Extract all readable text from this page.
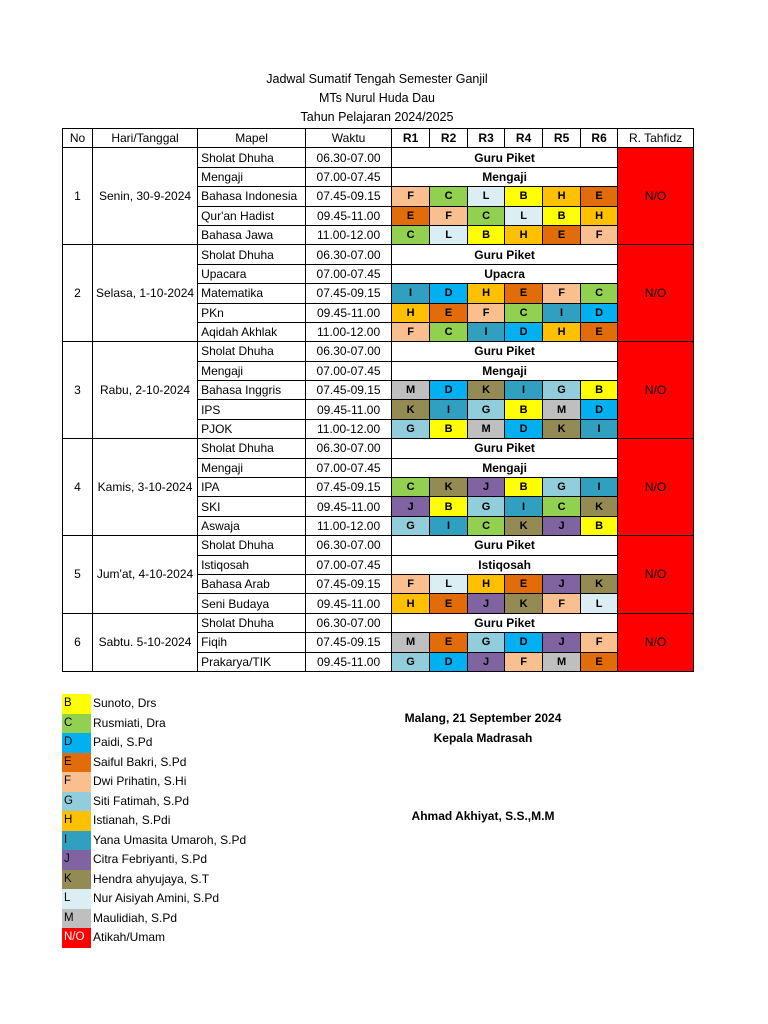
Jadwal Sumatif Tengah Semester Ganjil
MTs Nurul Huda Dau
Tahun Pelajaran 2024/2025
No	Hari/Tanggal	Mapel	Waktu	R1	R2	R3	R4	R5	R6	R. Tahfidz
1	Senin, 30-9-2024	Sholat Dhuha	06.30-07.00	Guru Piket						N/O
		Mengaji	07.00-07.45	Mengaji						
		Bahasa Indonesia	07.45-09.15	F	C	L	B	H	E	
		Qur'an Hadist	09.45-11.00	E	F	C	L	B	H	
		Bahasa Jawa	11.00-12.00	C	L	B	H	E	F	
2	Selasa, 1-10-2024	Sholat Dhuha	06.30-07.00	Guru Piket						N/O
		Upacara	07.00-07.45	Upacra						
		Matematika	07.45-09.15	I	D	H	E	F	C	
		PKn	09.45-11.00	H	E	F	C	I	D	
		Aqidah Akhlak	11.00-12.00	F	C	I	D	H	E	
3	Rabu, 2-10-2024	Sholat Dhuha	06.30-07.00	Guru Piket						N/O
		Mengaji	07.00-07.45	Mengaji						
		Bahasa Inggris	07.45-09.15	M	D	K	I	G	B	
		IPS	09.45-11.00	K	I	G	B	M	D	
		PJOK	11.00-12.00	G	B	M	D	K	I	
4	Kamis, 3-10-2024	Sholat Dhuha	06.30-07.00	Guru Piket						N/O
		Mengaji	07.00-07.45	Mengaji						
		IPA	07.45-09.15	C	K	J	B	G	I	
		SKI	09.45-11.00	J	B	G	I	C	K	
		Aswaja	11.00-12.00	G	I	C	K	J	B	
5	Jum'at, 4-10-2024	Sholat Dhuha	06.30-07.00	Guru Piket						N/O
		Istiqosah	07.00-07.45	Istiqosah						
		Bahasa Arab	07.45-09.15	F	L	H	E	J	K	
		Seni Budaya	09.45-11.00	H	E	J	K	F	L	
6	Sabtu. 5-10-2024	Sholat Dhuha	06.30-07.00	Guru Piket						N/O
		Fiqih	07.45-09.15	M	E	G	D	J	F	
		Prakarya/TIK	09.45-11.00	G	D	J	F	M	E	
B	Sunoto, Drs
C	Rusmiati, Dra
D	Paidi, S.Pd
E	Saiful Bakri, S.Pd
F	Dwi Prihatin, S.Hi
G	Siti Fatimah, S.Pd
H	Istianah, S.Pdi
I	Yana Umasita Umaroh, S.Pd
J	Citra Febriyanti, S.Pd
K	Hendra ahyujaya, S.T
L	Nur Aisiyah Amini, S.Pd
M	Maulidiah, S.Pd
N/O Atikah/Umam
Malang, 21 September 2024
Kepala Madrasah
Ahmad Akhiyat, S.S.,M.M
